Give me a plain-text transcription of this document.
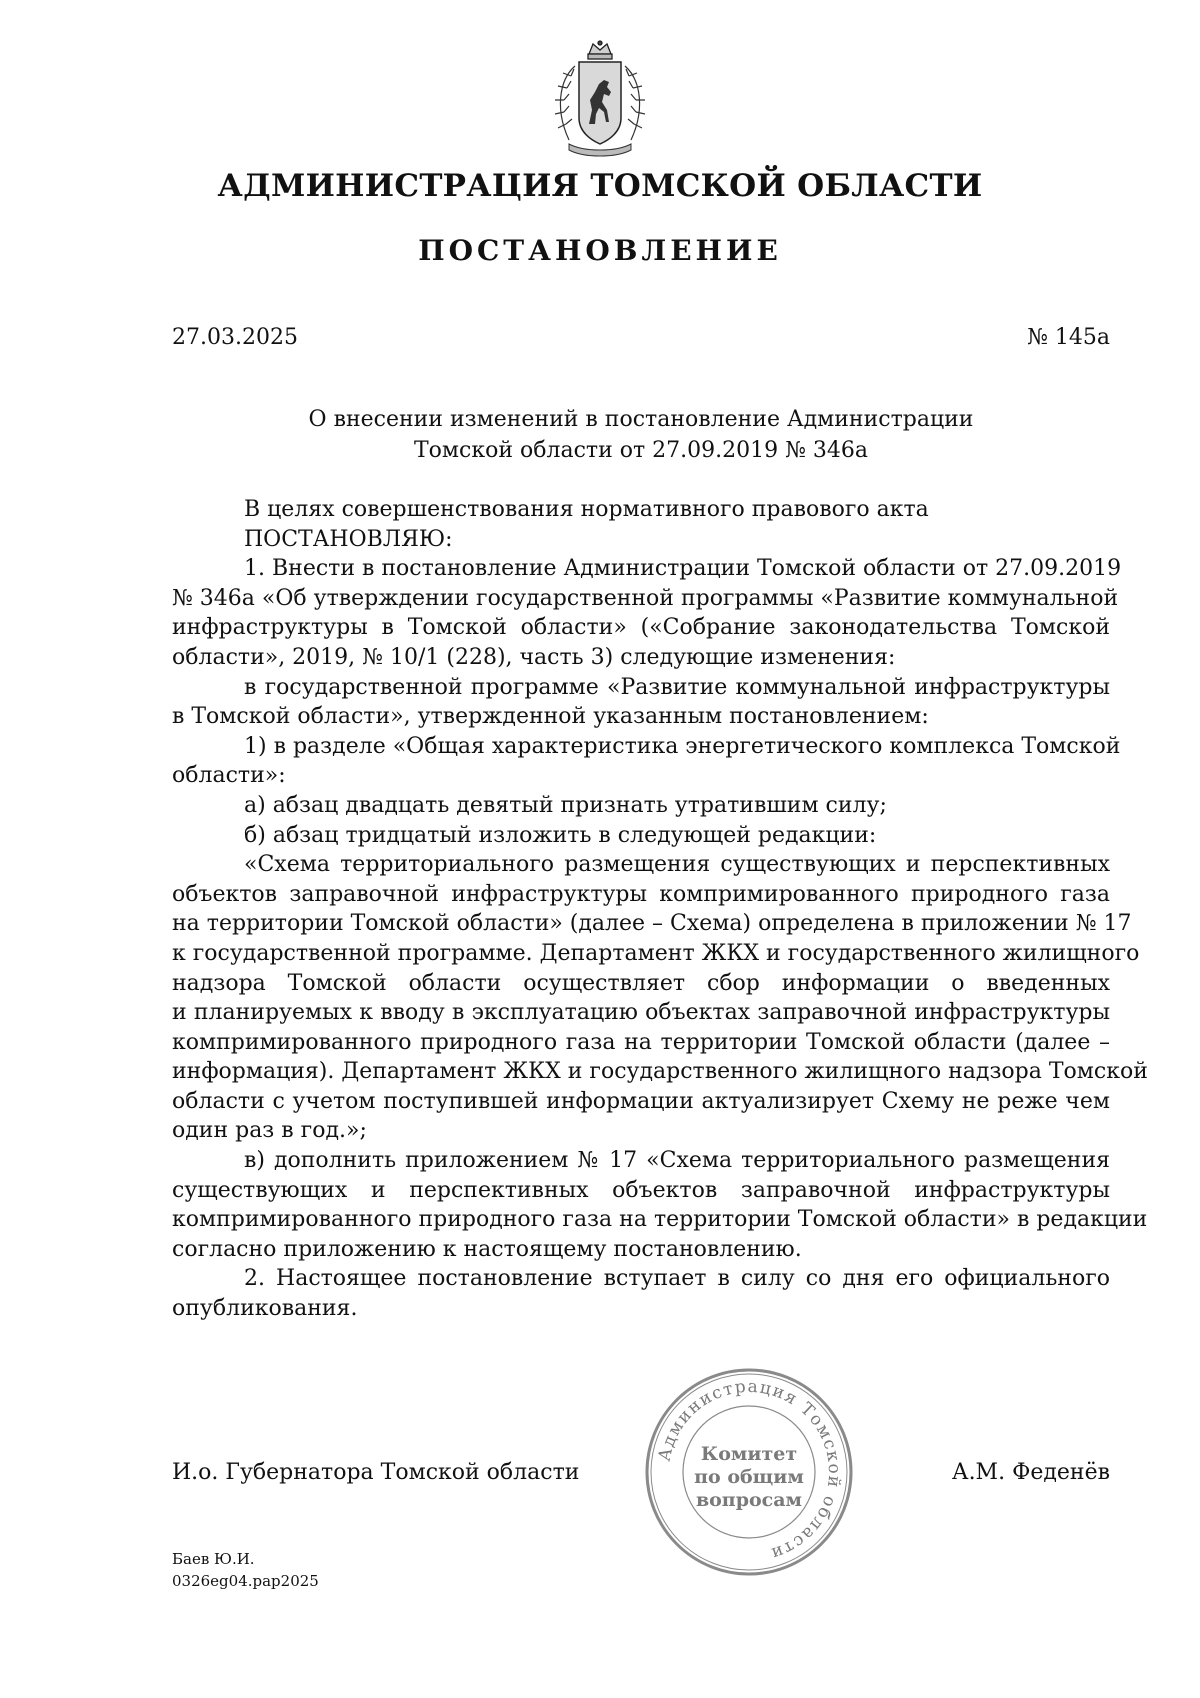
АДМИНИСТРАЦИЯ ТОМСКОЙ ОБЛАСТИ
ПОСТАНОВЛЕНИЕ
27.03.2025	№ 145а
О внесении изменений в постановление Администрации
Томской области от 27.09.2019 № 346а
В целях совершенствования нормативного правового акта
ПОСТАНОВЛЯЮ:
1. Внести в постановление Администрации Томской области от 27.09.2019
№ 346а «Об утверждении государственной программы «Развитие коммунальной
инфраструктуры в Томской области» («Собрание законодательства Томской
области», 2019, № 10/1 (228), часть 3) следующие изменения:
в государственной программе «Развитие коммунальной инфраструктуры
в Томской области», утвержденной указанным постановлением:
1) в разделе «Общая характеристика энергетического комплекса Томской
области»:
а) абзац двадцать девятый признать утратившим силу;
б) абзац тридцатый изложить в следующей редакции:
«Схема территориального размещения существующих и перспективных
объектов заправочной инфраструктуры компримированного природного газа
на территории Томской области» (далее – Схема) определена в приложении № 17
к государственной программе. Департамент ЖКХ и государственного жилищного
надзора Томской области осуществляет сбор информации о введенных
и планируемых к вводу в эксплуатацию объектах заправочной инфраструктуры
компримированного природного газа на территории Томской области (далее –
информация). Департамент ЖКХ и государственного жилищного надзора Томской
области с учетом поступившей информации актуализирует Схему не реже чем
один раз в год.»;
в) дополнить приложением № 17 «Схема территориального размещения
существующих и перспективных объектов заправочной инфраструктуры
компримированного природного газа на территории Томской области» в редакции
согласно приложению к настоящему постановлению.
2. Настоящее постановление вступает в силу со дня его официального
опубликования.
Администрация Томской области
Комитет
по общим
вопросам
И.о. Губернатора Томской области	А.М. Феденёв
Баев Ю.И.
0326eg04.pap2025
